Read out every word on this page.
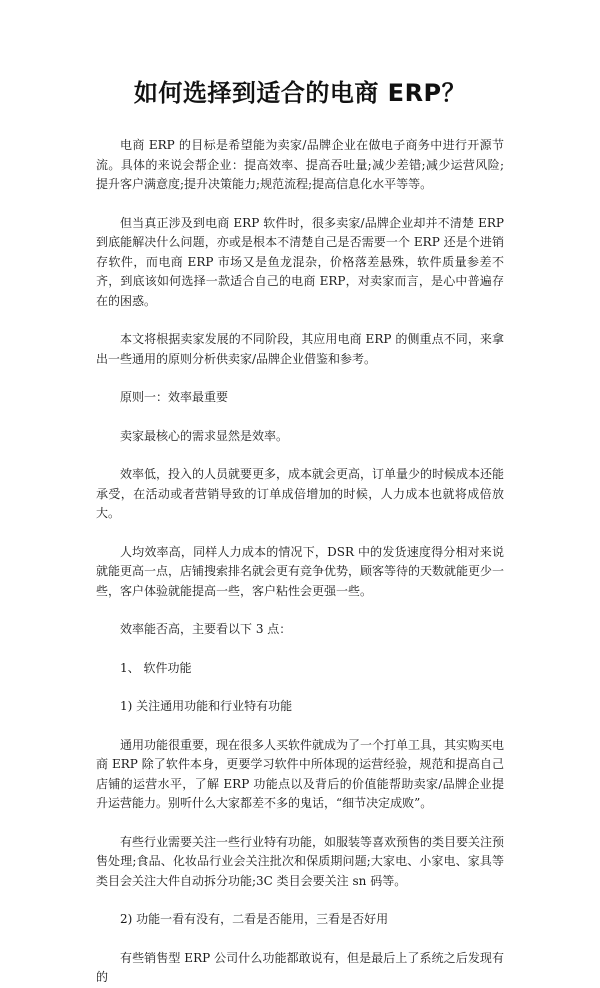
如何选择到适合的电商 ERP？

电商 ERP 的目标是希望能为卖家/品牌企业在做电子商务中进行开源节流。具体的来说会帮企业：提高效率、提高吞吐量;减少差错;减少运营风险;提升客户满意度;提升决策能力;规范流程;提高信息化水平等等。

但当真正涉及到电商 ERP 软件时，很多卖家/品牌企业却并不清楚 ERP 到底能解决什么问题，亦或是根本不清楚自己是否需要一个 ERP 还是个进销存软件，而电商 ERP 市场又是鱼龙混杂，价格落差悬殊，软件质量参差不齐，到底该如何选择一款适合自己的电商 ERP，对卖家而言，是心中普遍存在的困惑。

本文将根据卖家发展的不同阶段，其应用电商 ERP 的侧重点不同，来拿出一些通用的原则分析供卖家/品牌企业借鉴和参考。

原则一：效率最重要

卖家最核心的需求显然是效率。

效率低，投入的人员就要更多，成本就会更高，订单量少的时候成本还能承受，在活动或者营销导致的订单成倍增加的时候，人力成本也就将成倍放大。

人均效率高，同样人力成本的情况下，DSR 中的发货速度得分相对来说就能更高一点，店铺搜索排名就会更有竞争优势，顾客等待的天数就能更少一些，客户体验就能提高一些，客户粘性会更强一些。

效率能否高，主要看以下 3 点：

1、 软件功能

1) 关注通用功能和行业特有功能

通用功能很重要，现在很多人买软件就成为了一个打单工具，其实购买电商 ERP 除了软件本身，更要学习软件中所体现的运营经验，规范和提高自己店铺的运营水平，了解 ERP 功能点以及背后的价值能帮助卖家/品牌企业提升运营能力。别听什么大家都差不多的鬼话，“细节决定成败”。

有些行业需要关注一些行业特有功能，如服装等喜欢预售的类目要关注预售处理;食品、化妆品行业会关注批次和保质期问题;大家电、小家电、家具等类目会关注大件自动拆分功能;3C 类目会要关注 sn 码等。

2) 功能一看有没有，二看是否能用，三看是否好用

有些销售型 ERP 公司什么功能都敢说有，但是最后上了系统之后发现有的
